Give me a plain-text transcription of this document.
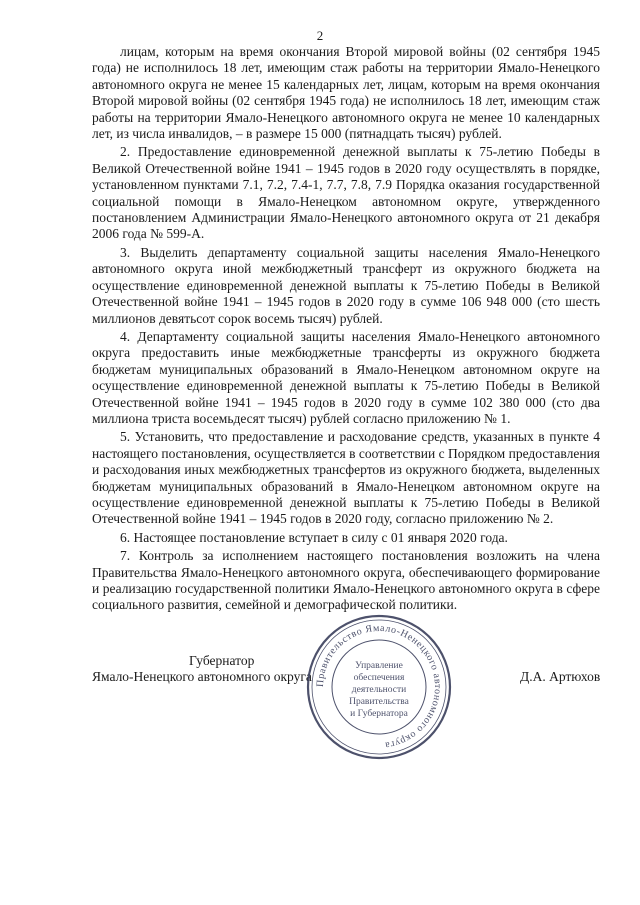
2

лицам, которым на время окончания Второй мировой войны (02 сентября 1945 года) не исполнилось 18 лет, имеющим стаж работы на территории Ямало-Ненецкого автономного округа не менее 15 календарных лет, лицам, которым на время окончания Второй мировой войны (02 сентября 1945 года) не исполнилось 18 лет, имеющим стаж работы на территории Ямало-Ненецкого автономного округа не менее 10 календарных лет, из числа инвалидов, – в размере 15 000 (пятнадцать тысяч) рублей.

2. Предоставление единовременной денежной выплаты к 75-летию Победы в Великой Отечественной войне 1941 – 1945 годов в 2020 году осуществлять в порядке, установленном пунктами 7.1, 7.2, 7.4-1, 7.7, 7.8, 7.9 Порядка оказания государственной социальной помощи в Ямало-Ненецком автономном округе, утвержденного постановлением Администрации Ямало-Ненецкого автономного округа от 21 декабря 2006 года № 599-А.

3. Выделить департаменту социальной защиты населения Ямало-Ненецкого автономного округа иной межбюджетный трансферт из окружного бюджета на осуществление единовременной денежной выплаты к 75-летию Победы в Великой Отечественной войне 1941 – 1945 годов в 2020 году в сумме 106 948 000 (сто шесть миллионов девятьсот сорок восемь тысяч) рублей.

4. Департаменту социальной защиты населения Ямало-Ненецкого автономного округа предоставить иные межбюджетные трансферты из окружного бюджета бюджетам муниципальных образований в Ямало-Ненецком автономном округе на осуществление единовременной денежной выплаты к 75-летию Победы в Великой Отечественной войне 1941 – 1945 годов в 2020 году в сумме 102 380 000 (сто два миллиона триста восемьдесят тысяч) рублей согласно приложению № 1.

5. Установить, что предоставление и расходование средств, указанных в пункте 4 настоящего постановления, осуществляется в соответствии с Порядком предоставления и расходования иных межбюджетных трансфертов из окружного бюджета, выделенных бюджетам муниципальных образований в Ямало-Ненецком автономном округе на осуществление единовременной денежной выплаты к 75-летию Победы в Великой Отечественной войне 1941 – 1945 годов в 2020 году, согласно приложению № 2.

6. Настоящее постановление вступает в силу с 01 января 2020 года.

7. Контроль за исполнением настоящего постановления возложить на члена Правительства Ямало-Ненецкого автономного округа, обеспечивающего формирование и реализацию государственной политики Ямало-Ненецкого автономного округа в сфере социального развития, семейной и демографической политики.

Губернатор
Ямало-Ненецкого автономного округа	Д.А. Артюхов
Правительство Ямало-Ненецкого автономного округа
Управление
обеспечения
деятельности
Правительства
и Губернатора
